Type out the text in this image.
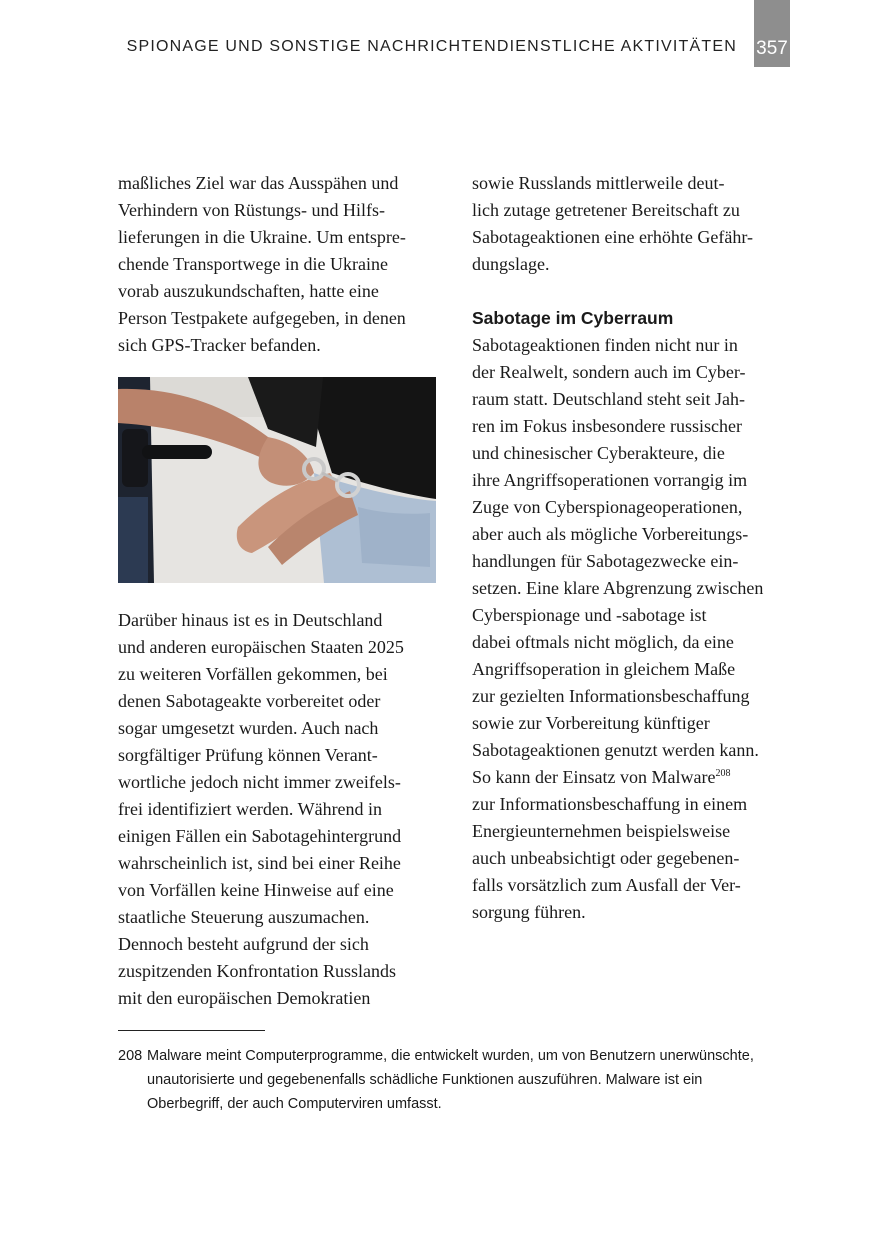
SPIONAGE UND SONSTIGE NACHRICHTENDIENSTLICHE AKTIVITÄTEN 357

maßliches Ziel war das Ausspähen und
Verhindern von Rüstungs- und Hilfs-
lieferungen in die Ukraine. Um entspre-
chende Transportwege in die Ukraine
vorab auszukundschaften, hatte eine
Person Testpakete aufgegeben, in denen
sich GPS-Tracker befanden.

Darüber hinaus ist es in Deutschland
und anderen europäischen Staaten 2025
zu weiteren Vorfällen gekommen, bei
denen Sabotageakte vorbereitet oder
sogar umgesetzt wurden. Auch nach
sorgfältiger Prüfung können Verant-
wortliche jedoch nicht immer zweifels-
frei identifiziert werden. Während in
einigen Fällen ein Sabotagehintergrund
wahrscheinlich ist, sind bei einer Reihe
von Vorfällen keine Hinweise auf eine
staatliche Steuerung auszumachen.
Dennoch besteht aufgrund der sich
zuspitzenden Konfrontation Russlands
mit den europäischen Demokratien

sowie Russlands mittlerweile deut-
lich zutage getretener Bereitschaft zu
Sabotageaktionen eine erhöhte Gefähr-
dungslage.

Sabotage im Cyberraum

Sabotageaktionen finden nicht nur in
der Realwelt, sondern auch im Cyber-
raum statt. Deutschland steht seit Jah-
ren im Fokus insbesondere russischer
und chinesischer Cyberakteure, die
ihre Angriffsoperationen vorrangig im
Zuge von Cyberspionageoperationen,
aber auch als mögliche Vorbereitungs-
handlungen für Sabotagezwecke ein-
setzen. Eine klare Abgrenzung zwischen
Cyberspionage und -sabotage ist
dabei oftmals nicht möglich, da eine
Angriffsoperation in gleichem Maße
zur gezielten Informationsbeschaffung
sowie zur Vorbereitung künftiger
Sabotageaktionen genutzt werden kann.
So kann der Einsatz von Malware$^{208}$
zur Informationsbeschaffung in einem
Energieunternehmen beispielsweise
auch unbeabsichtigt oder gegebenen-
falls vorsätzlich zum Ausfall der Ver-
sorgung führen.

208 Malware meint Computerprogramme, die entwickelt wurden, um von Benutzern unerwünschte,
unautorisierte und gegebenenfalls schädliche Funktionen auszuführen. Malware ist ein
Oberbegriff, der auch Computerviren umfasst.
